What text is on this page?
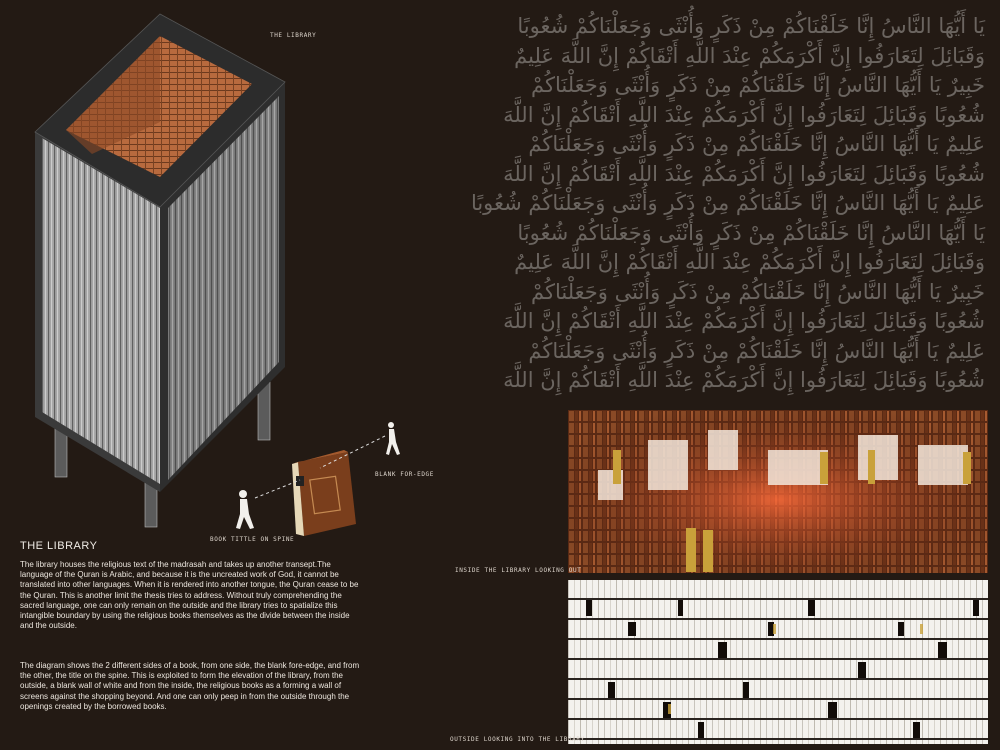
THE LIBRARY
BLANK FOR-EDGE
BOOK TITTLE ON SPINE
THE LIBRARY
The library houses the religious text of the madrasah and takes up another transept.The language of the Quran is Arabic, and because it is the uncreated work of God, it cannot be translated into other languages. When it is rendered into another tongue, the Quran cease to be the Quran. This is another limit the thesis tries to address. Without truly comprehending the sacred language, one can only remain on the outside and the library tries to spatialize this intangible boundary by using the religious books themselves as the divide between the inside and the outside.
The diagram shows the 2 different sides of a book, from one side, the blank fore-edge, and from the other, the title on the spine. This is exploited to form the elevation of the library, from the outside, a blank wall of white and from the inside, the religious books as a forming a wall of screens against the shopping beyond. And one can only peep in from the outside through the openings created by the borrowed books.
يَا أَيُّهَا النَّاسُ إِنَّا خَلَقْنَاكُمْ مِنْ ذَكَرٍ وَأُنْثَى وَجَعَلْنَاكُمْ شُعُوبًا
وَقَبَائِلَ لِتَعَارَفُوا إِنَّ أَكْرَمَكُمْ عِنْدَ اللَّهِ أَتْقَاكُمْ إِنَّ اللَّهَ عَلِيمٌ
خَبِيرٌ يَا أَيُّهَا النَّاسُ إِنَّا خَلَقْنَاكُمْ مِنْ ذَكَرٍ وَأُنْثَى وَجَعَلْنَاكُمْ
شُعُوبًا وَقَبَائِلَ لِتَعَارَفُوا إِنَّ أَكْرَمَكُمْ عِنْدَ اللَّهِ أَتْقَاكُمْ إِنَّ اللَّهَ
عَلِيمٌ يَا أَيُّهَا النَّاسُ إِنَّا خَلَقْنَاكُمْ مِنْ ذَكَرٍ وَأُنْثَى وَجَعَلْنَاكُمْ
شُعُوبًا وَقَبَائِلَ لِتَعَارَفُوا إِنَّ أَكْرَمَكُمْ عِنْدَ اللَّهِ أَتْقَاكُمْ إِنَّ اللَّهَ
عَلِيمٌ يَا أَيُّهَا النَّاسُ إِنَّا خَلَقْنَاكُمْ مِنْ ذَكَرٍ وَأُنْثَى وَجَعَلْنَاكُمْ شُعُوبًا
يَا أَيُّهَا النَّاسُ إِنَّا خَلَقْنَاكُمْ مِنْ ذَكَرٍ وَأُنْثَى وَجَعَلْنَاكُمْ شُعُوبًا
وَقَبَائِلَ لِتَعَارَفُوا إِنَّ أَكْرَمَكُمْ عِنْدَ اللَّهِ أَتْقَاكُمْ إِنَّ اللَّهَ عَلِيمٌ
خَبِيرٌ يَا أَيُّهَا النَّاسُ إِنَّا خَلَقْنَاكُمْ مِنْ ذَكَرٍ وَأُنْثَى وَجَعَلْنَاكُمْ
شُعُوبًا وَقَبَائِلَ لِتَعَارَفُوا إِنَّ أَكْرَمَكُمْ عِنْدَ اللَّهِ أَتْقَاكُمْ إِنَّ اللَّهَ
عَلِيمٌ يَا أَيُّهَا النَّاسُ إِنَّا خَلَقْنَاكُمْ مِنْ ذَكَرٍ وَأُنْثَى وَجَعَلْنَاكُمْ
شُعُوبًا وَقَبَائِلَ لِتَعَارَفُوا إِنَّ أَكْرَمَكُمْ عِنْدَ اللَّهِ أَتْقَاكُمْ إِنَّ اللَّهَ
INSIDE THE LIBRARY LOOKING OUT
OUTSIDE LOOKING INTO THE LIBRARY
